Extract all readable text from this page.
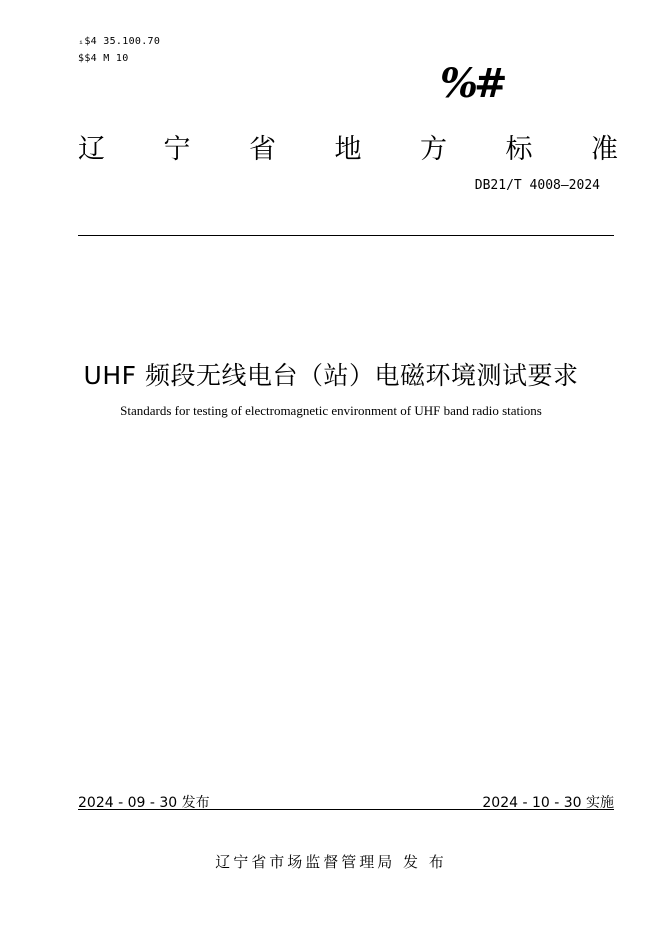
ᵢ$4 35.100.70
$$4 M 10
%#
辽 宁 省 地 方 标 准
DB21/T 4008—2024
UHF 频段无线电台（站）电磁环境测试要求
Standards for testing of electromagnetic environment of UHF band radio stations
2024 - 09 - 30 发布	2024 - 10 - 30 实施
辽宁省市场监督管理局 发 布
